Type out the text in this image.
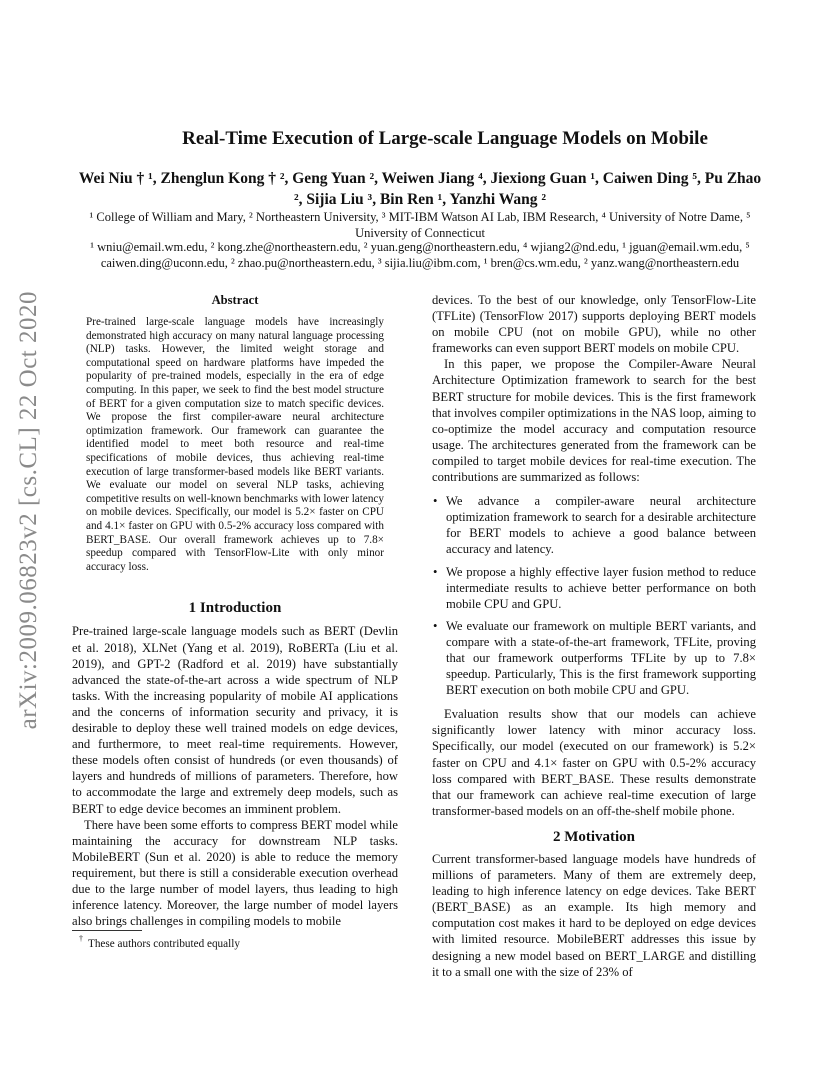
arXiv:2009.06823v2 [cs.CL] 22 Oct 2020
Real-Time Execution of Large-scale Language Models on Mobile
Wei Niu † ¹, Zhenglun Kong † ², Geng Yuan ², Weiwen Jiang ⁴, Jiexiong Guan ¹, Caiwen Ding ⁵, Pu Zhao ², Sijia Liu ³, Bin Ren ¹, Yanzhi Wang ²
¹ College of William and Mary, ² Northeastern University, ³ MIT-IBM Watson AI Lab, IBM Research, ⁴ University of Notre Dame, ⁵ University of Connecticut
¹ wniu@email.wm.edu, ² kong.zhe@northeastern.edu, ² yuan.geng@northeastern.edu, ⁴ wjiang2@nd.edu, ¹ jguan@email.wm.edu, ⁵ caiwen.ding@uconn.edu, ² zhao.pu@northeastern.edu, ³ sijia.liu@ibm.com, ¹ bren@cs.wm.edu, ² yanz.wang@northeastern.edu
Abstract
Pre-trained large-scale language models have increasingly demonstrated high accuracy on many natural language processing (NLP) tasks. However, the limited weight storage and computational speed on hardware platforms have impeded the popularity of pre-trained models, especially in the era of edge computing. In this paper, we seek to find the best model structure of BERT for a given computation size to match specific devices. We propose the first compiler-aware neural architecture optimization framework. Our framework can guarantee the identified model to meet both resource and real-time specifications of mobile devices, thus achieving real-time execution of large transformer-based models like BERT variants. We evaluate our model on several NLP tasks, achieving competitive results on well-known benchmarks with lower latency on mobile devices. Specifically, our model is 5.2× faster on CPU and 4.1× faster on GPU with 0.5-2% accuracy loss compared with BERT_BASE. Our overall framework achieves up to 7.8× speedup compared with TensorFlow-Lite with only minor accuracy loss.
1 Introduction

Pre-trained large-scale language models such as BERT (Devlin et al. 2018), XLNet (Yang et al. 2019), RoBERTa (Liu et al. 2019), and GPT-2 (Radford et al. 2019) have substantially advanced the state-of-the-art across a wide spectrum of NLP tasks. With the increasing popularity of mobile AI applications and the concerns of information security and privacy, it is desirable to deploy these well trained models on edge devices, and furthermore, to meet real-time requirements. However, these models often consist of hundreds (or even thousands) of layers and hundreds of millions of parameters. Therefore, how to accommodate the large and extremely deep models, such as BERT to edge device becomes an imminent problem.

There have been some efforts to compress BERT model while maintaining the accuracy for downstream NLP tasks. MobileBERT (Sun et al. 2020) is able to reduce the memory requirement, but there is still a considerable execution overhead due to the large number of model layers, thus leading to high inference latency. Moreover, the large number of model layers also brings challenges in compiling models to mobile

devices. To the best of our knowledge, only TensorFlow-Lite (TFLite) (TensorFlow 2017) supports deploying BERT models on mobile CPU (not on mobile GPU), while no other frameworks can even support BERT models on mobile CPU.

In this paper, we propose the Compiler-Aware Neural Architecture Optimization framework to search for the best BERT structure for mobile devices. This is the first framework that involves compiler optimizations in the NAS loop, aiming to co-optimize the model accuracy and computation resource usage. The architectures generated from the framework can be compiled to target mobile devices for real-time execution. The contributions are summarized as follows:

• We advance a compiler-aware neural architecture optimization framework to search for a desirable architecture for BERT models to achieve a good balance between accuracy and latency.
• We propose a highly effective layer fusion method to reduce intermediate results to achieve better performance on both mobile CPU and GPU.
• We evaluate our framework on multiple BERT variants, and compare with a state-of-the-art framework, TFLite, proving that our framework outperforms TFLite by up to 7.8× speedup. Particularly, This is the first framework supporting BERT execution on both mobile CPU and GPU.

Evaluation results show that our models can achieve significantly lower latency with minor accuracy loss. Specifically, our model (executed on our framework) is 5.2× faster on CPU and 4.1× faster on GPU with 0.5-2% accuracy loss compared with BERT_BASE. These results demonstrate that our framework can achieve real-time execution of large transformer-based models on an off-the-shelf mobile phone.

2 Motivation

Current transformer-based language models have hundreds of millions of parameters. Many of them are extremely deep, leading to high inference latency on edge devices. Take BERT (BERT_BASE) as an example. Its high memory and computation cost makes it hard to be deployed on edge devices with limited resource. MobileBERT addresses this issue by designing a new model based on BERT_LARGE and distilling it to a small one with the size of 23% of

† These authors contributed equally
